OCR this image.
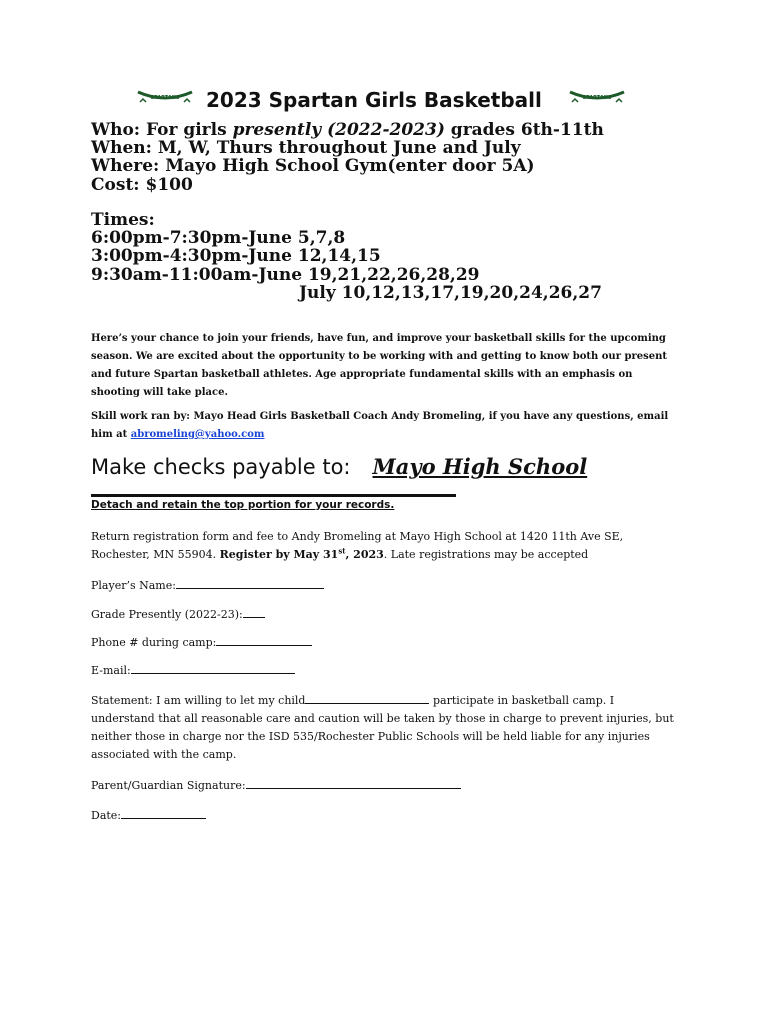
SPARTANS 2023 Spartan Girls Basketball	SPARTANS
Who: For girls presently (2022-2023) grades 6th-11th
When: M, W, Thurs throughout June and July
Where: Mayo High School Gym(enter door 5A)
Cost: $100
Times:
6:00pm-7:30pm-June 5,7,8
3:00pm-4:30pm-June 12,14,15
9:30am-11:00am-June 19,21,22,26,28,29
July 10,12,13,17,19,20,24,26,27

Here’s your chance to join your friends, have fun, and improve your basketball skills for the upcoming season. We are excited about the opportunity to be working with and getting to know both our present and future Spartan basketball athletes. Age appropriate fundamental skills with an emphasis on shooting will take place.

Skill work ran by: Mayo Head Girls Basketball Coach Andy Bromeling, if you have any questions, email him at abromeling@yahoo.com

Make checks payable to: Mayo High School
Detach and retain the top portion for your records.

Return registration form and fee to Andy Bromeling at Mayo High School at 1420 11th Ave SE, Rochester, MN 55904. Register by May 31st, 2023. Late registrations may be accepted

Player’s Name:
Grade Presently (2022-23):
Phone # during camp:
E-mail:

Statement: I am willing to let my child	participate in basketball camp. I understand that all reasonable care and caution will be taken by those in charge to prevent injuries, but neither those in charge nor the ISD 535/Rochester Public Schools will be held liable for any injuries associated with the camp.

Parent/Guardian Signature:
Date:
